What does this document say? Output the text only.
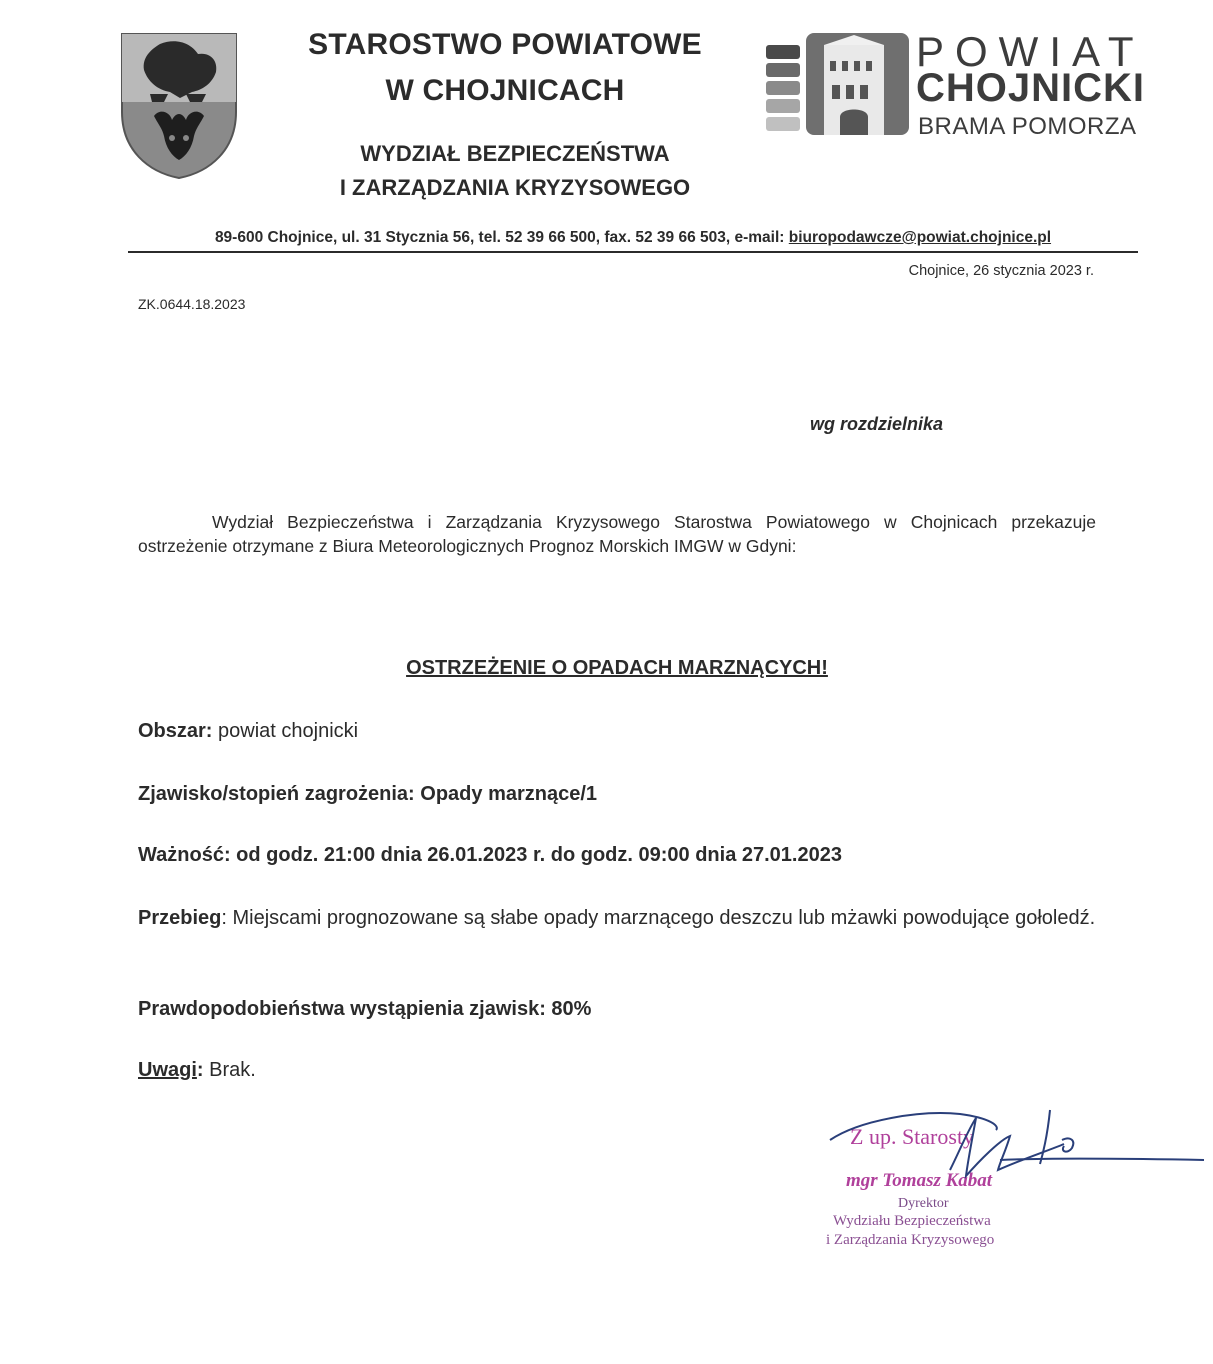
STAROSTWO POWIATOWE
W CHOJNICACH
WYDZIAŁ BEZPIECZEŃSTWA
I ZARZĄDZANIA KRYZYSOWEGO
POWIAT
CHOJNICKI
BRAMA POMORZA
89-600 Chojnice, ul. 31 Stycznia 56, tel. 52 39 66 500, fax. 52 39 66 503, e-mail: biuropodawcze@powiat.chojnice.pl
Chojnice, 26 stycznia 2023 r.
ZK.0644.18.2023
wg rozdzielnika
Wydział Bezpieczeństwa i Zarządzania Kryzysowego Starostwa Powiatowego w Chojnicach przekazuje ostrzeżenie otrzymane z Biura Meteorologicznych Prognoz Morskich IMGW w Gdyni:
OSTRZEŻENIE O OPADACH MARZNĄCYCH!
Obszar: powiat chojnicki
Zjawisko/stopień zagrożenia: Opady marznące/1
Ważność: od godz. 21:00 dnia 26.01.2023 r. do godz. 09:00 dnia 27.01.2023
Przebieg: Miejscami prognozowane są słabe opady marznącego deszczu lub mżawki powodujące gołoledź.
Prawdopodobieństwa wystąpienia zjawisk: 80%
Uwagi: Brak.
Z up. Starosty
mgr Tomasz Kabat
Dyrektor
Wydziału Bezpieczeństwa
i Zarządzania Kryzysowego
